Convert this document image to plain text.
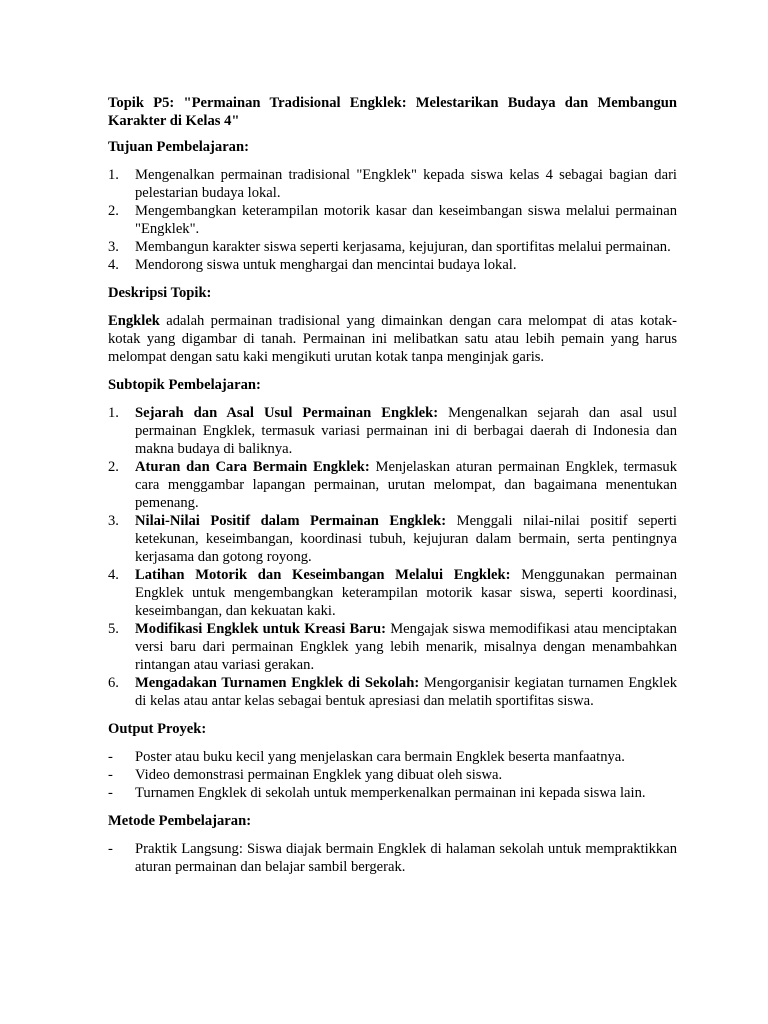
Topik P5: "Permainan Tradisional Engklek: Melestarikan Budaya dan Membangun Karakter di Kelas 4"
Tujuan Pembelajaran:
1. Mengenalkan permainan tradisional "Engklek" kepada siswa kelas 4 sebagai bagian dari pelestarian budaya lokal.
2. Mengembangkan keterampilan motorik kasar dan keseimbangan siswa melalui permainan "Engklek".
3. Membangun karakter siswa seperti kerjasama, kejujuran, dan sportifitas melalui permainan.
4. Mendorong siswa untuk menghargai dan mencintai budaya lokal.
Deskripsi Topik:

Engklek adalah permainan tradisional yang dimainkan dengan cara melompat di atas kotak-kotak yang digambar di tanah. Permainan ini melibatkan satu atau lebih pemain yang harus melompat dengan satu kaki mengikuti urutan kotak tanpa menginjak garis.

Subtopik Pembelajaran:
1. Sejarah dan Asal Usul Permainan Engklek: Mengenalkan sejarah dan asal usul permainan Engklek, termasuk variasi permainan ini di berbagai daerah di Indonesia dan makna budaya di baliknya.
2. Aturan dan Cara Bermain Engklek: Menjelaskan aturan permainan Engklek, termasuk cara menggambar lapangan permainan, urutan melompat, dan bagaimana menentukan pemenang.
3. Nilai-Nilai Positif dalam Permainan Engklek: Menggali nilai-nilai positif seperti ketekunan, keseimbangan, koordinasi tubuh, kejujuran dalam bermain, serta pentingnya kerjasama dan gotong royong.
4. Latihan Motorik dan Keseimbangan Melalui Engklek: Menggunakan permainan Engklek untuk mengembangkan keterampilan motorik kasar siswa, seperti koordinasi, keseimbangan, dan kekuatan kaki.
5. Modifikasi Engklek untuk Kreasi Baru: Mengajak siswa memodifikasi atau menciptakan versi baru dari permainan Engklek yang lebih menarik, misalnya dengan menambahkan rintangan atau variasi gerakan.
6. Mengadakan Turnamen Engklek di Sekolah: Mengorganisir kegiatan turnamen Engklek di kelas atau antar kelas sebagai bentuk apresiasi dan melatih sportifitas siswa.
Output Proyek:
- Poster atau buku kecil yang menjelaskan cara bermain Engklek beserta manfaatnya.
- Video demonstrasi permainan Engklek yang dibuat oleh siswa.
- Turnamen Engklek di sekolah untuk memperkenalkan permainan ini kepada siswa lain.
Metode Pembelajaran:
- Praktik Langsung: Siswa diajak bermain Engklek di halaman sekolah untuk mempraktikkan aturan permainan dan belajar sambil bergerak.
